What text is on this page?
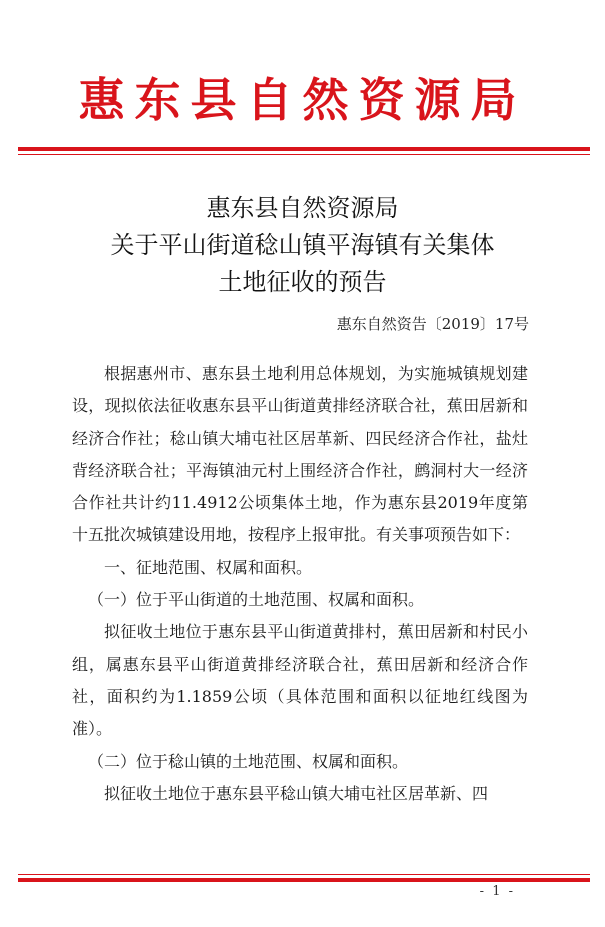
惠东县自然资源局
惠东县自然资源局
关于平山街道稔山镇平海镇有关集体
土地征收的预告
惠东自然资告〔2019〕17号

根据惠州市、惠东县土地利用总体规划，为实施城镇规划建设，现拟依法征收惠东县平山街道黄排经济联合社，蕉田居新和经济合作社；稔山镇大埔屯社区居革新、四民经济合作社，盐灶背经济联合社；平海镇油元村上围经济合作社，鹧洞村大一经济合作社共计约11.4912公顷集体土地，作为惠东县2019年度第十五批次城镇建设用地，按程序上报审批。有关事项预告如下：

一、征地范围、权属和面积。

（一）位于平山街道的土地范围、权属和面积。

拟征收土地位于惠东县平山街道黄排村，蕉田居新和村民小组，属惠东县平山街道黄排经济联合社，蕉田居新和经济合作社，面积约为1.1859公顷（具体范围和面积以征地红线图为准）。

（二）位于稔山镇的土地范围、权属和面积。

拟征收土地位于惠东县平稔山镇大埔屯社区居革新、四

- 1 -
